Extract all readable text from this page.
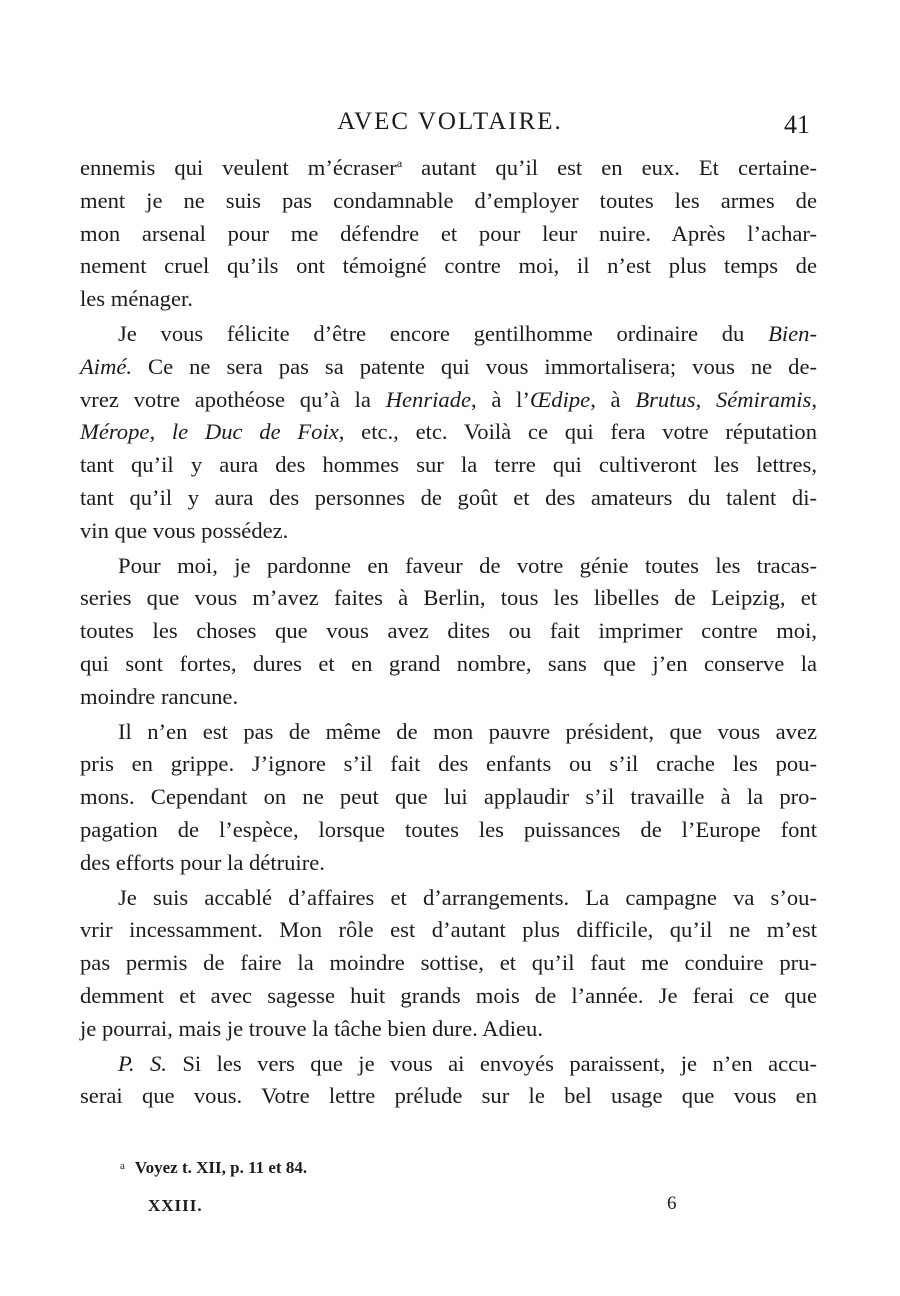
AVEC VOLTAIRE.	41
ennemis qui veulent m’écraser$^a$ autant qu’il est en eux. Et certaine-
ment je ne suis pas condamnable d’employer toutes les armes de
mon arsenal pour me défendre et pour leur nuire. Après l’achar-
nement cruel qu’ils ont témoigné contre moi, il n’est plus temps de
les ménager.
Je vous félicite d’être encore gentilhomme ordinaire du Bien-
Aimé. Ce ne sera pas sa patente qui vous immortalisera; vous ne de-
vrez votre apothéose qu’à la Henriade, à l’Œdipe, à Brutus, Sémiramis,
Mérope, le Duc de Foix, etc., etc. Voilà ce qui fera votre réputation
tant qu’il y aura des hommes sur la terre qui cultiveront les lettres,
tant qu’il y aura des personnes de goût et des amateurs du talent di-
vin que vous possédez.
Pour moi, je pardonne en faveur de votre génie toutes les tracas-
series que vous m’avez faites à Berlin, tous les libelles de Leipzig, et
toutes les choses que vous avez dites ou fait imprimer contre moi,
qui sont fortes, dures et en grand nombre, sans que j’en conserve la
moindre rancune.
Il n’en est pas de même de mon pauvre président, que vous avez
pris en grippe. J’ignore s’il fait des enfants ou s’il crache les pou-
mons. Cependant on ne peut que lui applaudir s’il travaille à la pro-
pagation de l’espèce, lorsque toutes les puissances de l’Europe font
des efforts pour la détruire.
Je suis accablé d’affaires et d’arrangements. La campagne va s’ou-
vrir incessamment. Mon rôle est d’autant plus difficile, qu’il ne m’est
pas permis de faire la moindre sottise, et qu’il faut me conduire pru-
demment et avec sagesse huit grands mois de l’année. Je ferai ce que
je pourrai, mais je trouve la tâche bien dure. Adieu.
P. S. Si les vers que je vous ai envoyés paraissent, je n’en accu-
serai que vous. Votre lettre prélude sur le bel usage que vous en
$^a$ Voyez t. XII, p. 11 et 84.
XXIII.	6
